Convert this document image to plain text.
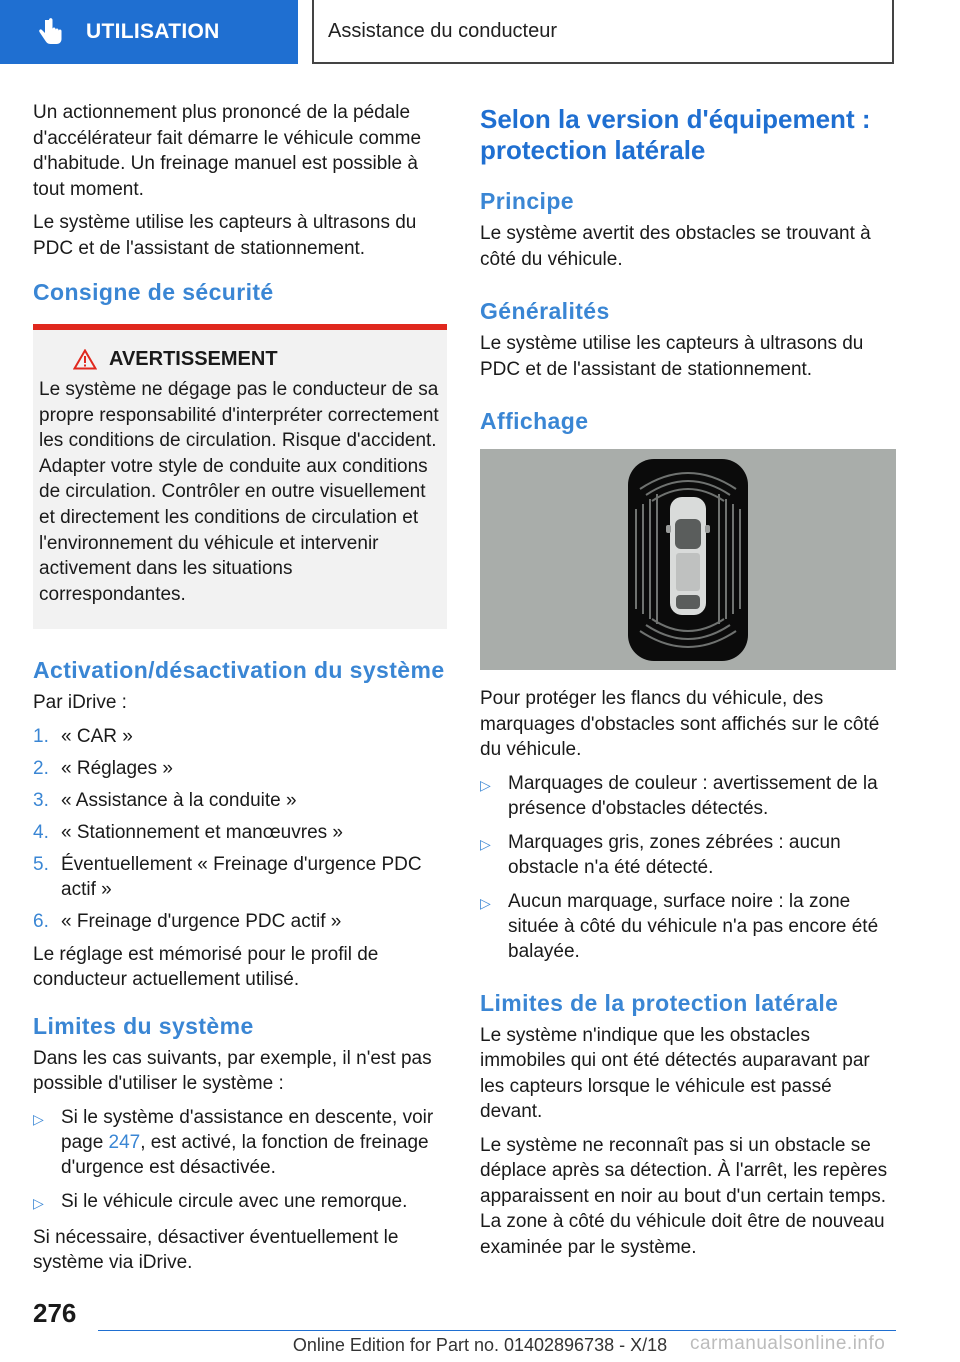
UTILISATION	Assistance du conducteur

Un actionnement plus prononcé de la pédale d'accélérateur fait démarre le véhicule comme d'habitude. Un freinage manuel est possible à tout moment.

Le système utilise les capteurs à ultrasons du PDC et de l'assistant de stationnement.

Consigne de sécurité
AVERTISSEMENT

Le système ne dégage pas le conducteur de sa propre responsabilité d'interpréter correctement les conditions de circulation. Risque d'accident. Adapter votre style de conduite aux conditions de circulation. Contrôler en outre visuellement et directement les conditions de circulation et l'environnement du véhicule et intervenir activement dans les situations correspondantes.

Activation/désactivation du système

Par iDrive :

1. « CAR »
2. « Réglages »
3. « Assistance à la conduite »
4. « Stationnement et manœuvres »
5. Éventuellement « Freinage d'urgence PDC actif »
6. « Freinage d'urgence PDC actif »

Le réglage est mémorisé pour le profil de conducteur actuellement utilisé.

Limites du système

Dans les cas suivants, par exemple, il n'est pas possible d'utiliser le système :

▷ Si le système d'assistance en descente, voir page 247, est activé, la fonction de freinage d'urgence est désactivée.
▷ Si le véhicule circule avec une remorque.

Si nécessaire, désactiver éventuellement le système via iDrive.

Selon la version d'équipement : protection latérale
Principe

Le système avertit des obstacles se trouvant à côté du véhicule.

Généralités

Le système utilise les capteurs à ultrasons du PDC et de l'assistant de stationnement.

Affichage

Pour protéger les flancs du véhicule, des marquages d'obstacles sont affichés sur le côté du véhicule.

▷ Marquages de couleur : avertissement de la présence d'obstacles détectés.
▷ Marquages gris, zones zébrées : aucun obstacle n'a été détecté.
▷ Aucun marquage, surface noire : la zone située à côté du véhicule n'a pas encore été balayée.
Limites de la protection latérale

Le système n'indique que les obstacles immobiles qui ont été détectés auparavant par les capteurs lorsque le véhicule est passé devant.

Le système ne reconnaît pas si un obstacle se déplace après sa détection. À l'arrêt, les repères apparaissent en noir au bout d'un certain temps. La zone à côté du véhicule doit être de nouveau examinée par le système.

276
Online Edition for Part no. 01402896738 - X/18	carmanualsonline.info
